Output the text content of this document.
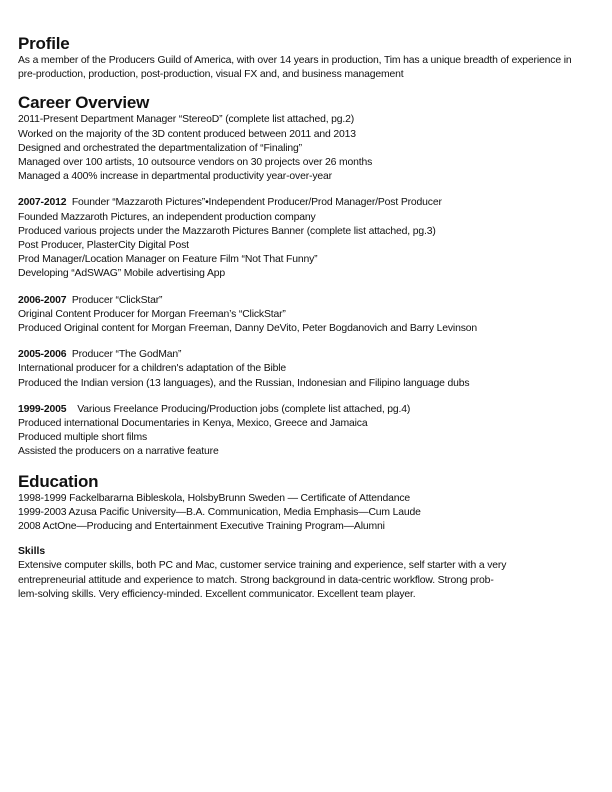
Profile
As a member of the Producers Guild of America, with over 14 years in production, Tim has a unique breadth of experience in pre-production, production, post-production, visual FX and, and business management
Career Overview
2011-Present Department Manager “StereoD” (complete list attached, pg.2)
Worked on the majority of the 3D content produced between 2011 and 2013
Designed and orchestrated the departmentalization of “Finaling”
Managed over 100 artists, 10 outsource vendors on 30 projects over 26 months
Managed a 400% increase in departmental productivity year-over-year
2007-2012 Founder “Mazzaroth Pictures”•Independent Producer/Prod Manager/Post Producer
Founded Mazzaroth Pictures, an independent production company
Produced various projects under the Mazzaroth Pictures Banner (complete list attached, pg.3)
Post Producer, PlasterCity Digital Post
Prod Manager/Location Manager on Feature Film “Not That Funny”
Developing “AdSWAG” Mobile advertising App
2006-2007 Producer “ClickStar”
Original Content Producer for Morgan Freeman’s “ClickStar”
Produced Original content for Morgan Freeman, Danny DeVito, Peter Bogdanovich and Barry Levinson
2005-2006 Producer “The GodMan”
International producer for a children's adaptation of the Bible
Produced the Indian version (13 languages), and the Russian, Indonesian and Filipino language dubs
1999-2005 Various Freelance Producing/Production jobs (complete list attached, pg.4)
Produced international Documentaries in Kenya, Mexico, Greece and Jamaica
Produced multiple short films
Assisted the producers on a narrative feature
Education
1998-1999 Fackelbararna Bibleskola, HolsbyBrunn Sweden — Certificate of Attendance
1999-2003 Azusa Pacific University—B.A. Communication, Media Emphasis—Cum Laude
2008 ActOne—Producing and Entertainment Executive Training Program—Alumni
Skills
Extensive computer skills, both PC and Mac, customer service training and experience, self starter with a very
entrepreneurial attitude and experience to match. Strong background in data-centric workflow. Strong prob-
lem-solving skills. Very efficiency-minded. Excellent communicator. Excellent team player.
